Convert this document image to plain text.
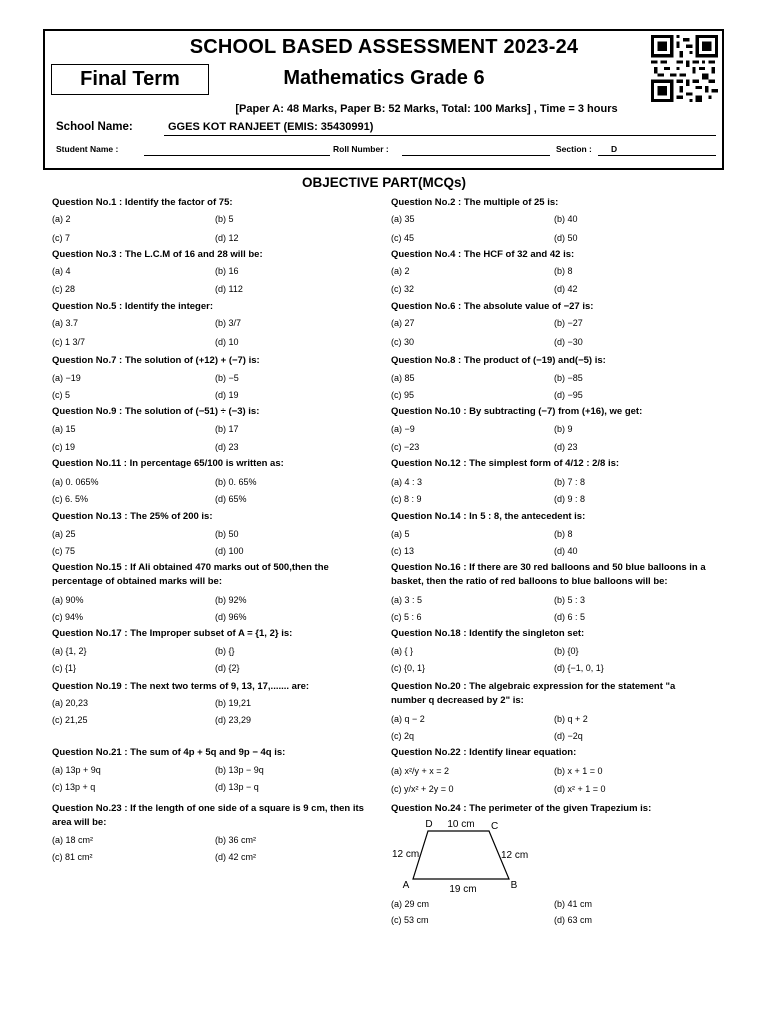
SCHOOL BASED ASSESSMENT 2023-24
Final Term	Mathematics Grade 6
[Paper A: 48 Marks, Paper B: 52 Marks, Total: 100 Marks] , Time = 3 hours
School Name:	GGES KOT RANJEET (EMIS: 35430991)
Student Name :	Roll Number :	Section : D
OBJECTIVE PART(MCQs)
Question No.1 : Identify the factor of 75:
(a) 2	(b) 5
(c) 7	(d) 12
Question No.2 : The multiple of 25 is:
(a) 35	(b) 40
(c) 45	(d) 50
Question No.3 : The L.C.M of 16 and 28 will be:
(a) 4	(b) 16
(c) 28	(d) 112
Question No.4 : The HCF of 32 and 42 is:
(a) 2	(b) 8
(c) 32	(d) 42
Question No.5 : Identify the integer:
(a) 3.7	(b) 3/7
(c) 1 3/7	(d) 10
Question No.6 : The absolute value of −27 is:
(a) 27	(b) −27
(c) 30	(d) −30
Question No.7 : The solution of (+12) + (−7) is:
(a) −19	(b) −5
(c) 5	(d) 19
Question No.8 : The product of (−19) and(−5) is:
(a) 85	(b) −85
(c) 95	(d) −95
Question No.9 : The solution of (−51) ÷ (−3) is:
(a) 15	(b) 17
(c) 19	(d) 23
Question No.10 : By subtracting (−7) from (+16), we get:
(a) −9	(b) 9
(c) −23	(d) 23
Question No.11 : In percentage 65/100 is written as:
(a) 0. 065%	(b) 0. 65%
(c) 6. 5%	(d) 65%
Question No.12 : The simplest form of 4/12 : 2/8 is:
(a) 4 : 3	(b) 7 : 8
(c) 8 : 9	(d) 9 : 8
Question No.13 : The 25% of 200 is:
(a) 25	(b) 50
(c) 75	(d) 100
Question No.14 : In 5 : 8, the antecedent is:
(a) 5	(b) 8
(c) 13	(d) 40
Question No.15 : If Ali obtained 470 marks out of 500,then the percentage of obtained marks will be:
(a) 90%	(b) 92%
(c) 94%	(d) 96%
Question No.16 : If there are 30 red balloons and 50 blue balloons in a basket, then the ratio of red balloons to blue balloons will be:
(a) 3 : 5	(b) 5 : 3
(c) 5 : 6	(d) 6 : 5
Question No.17 : The Improper subset of A = {1, 2} is:
(a) {1, 2}	(b) {}
(c) {1}	(d) {2}
Question No.18 : Identify the singleton set:
(a) { }	(b) {0}
(c) {0, 1}	(d) {−1, 0, 1}
Question No.19 : The next two terms of 9, 13, 17,....... are:
(a) 20,23	(b) 19,21
(c) 21,25	(d) 23,29
Question No.20 : The algebraic expression for the statement "a number q decreased by 2" is:
(a) q − 2	(b) q + 2
(c) 2q	(d) −2q
Question No.21 : The sum of 4p + 5q and 9p − 4q is:
(a) 13p + 9q	(b) 13p − 9q
(c) 13p + q	(d) 13p − q
Question No.22 : Identify linear equation:
(a) x²/y + x = 2	(b) x + 1 = 0
(c) y/x² + 2y = 0	(d) x² + 1 = 0
Question No.23 : If the length of one side of a square is 9 cm, then its area will be:
(a) 18 cm²	(b) 36 cm²
(c) 81 cm²	(d) 42 cm²
Question No.24 : The perimeter of the given Trapezium is:
D	C
A	B
10 cm
19 cm
12 cm	12 cm
(a) 29 cm	(b) 41 cm
(c) 53 cm	(d) 63 cm
